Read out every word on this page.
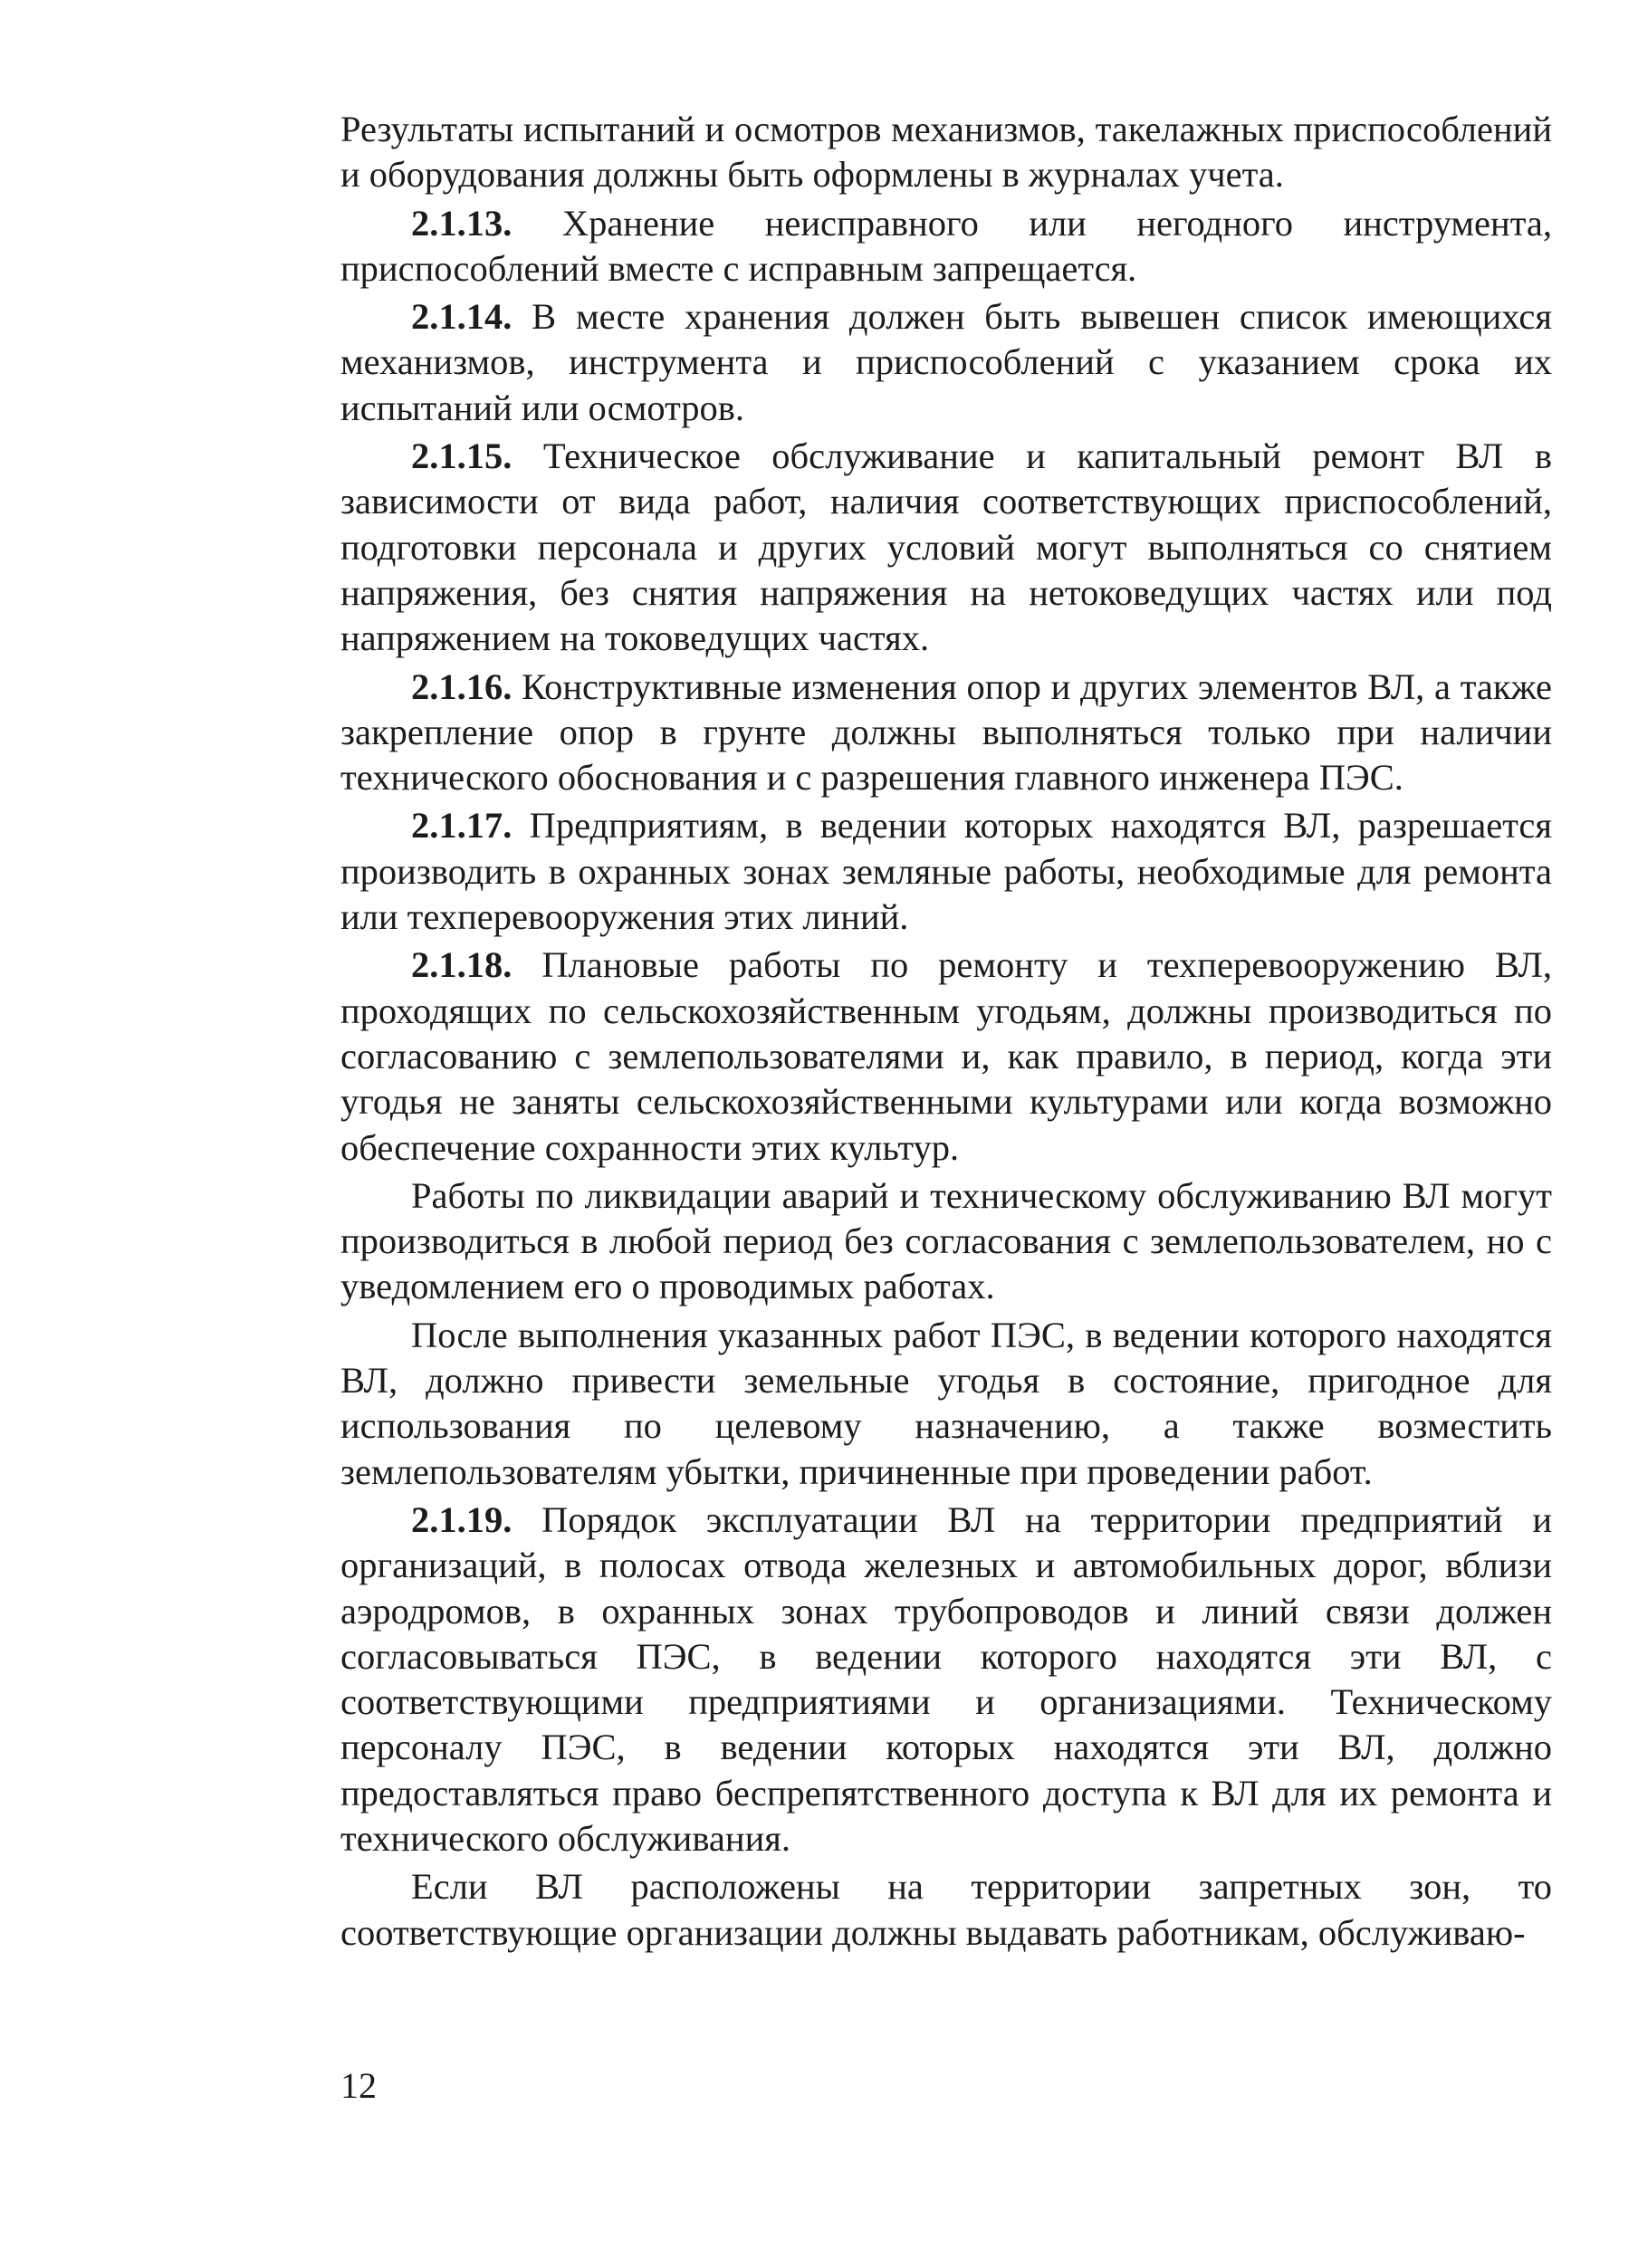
Результаты испытаний и осмотров механизмов, такелажных приспособлений и оборудования должны быть оформлены в журналах учета.

2.1.13. Хранение неисправного или негодного инструмента, приспособлений вместе с исправным запрещается.

2.1.14. В месте хранения должен быть вывешен список имеющихся механизмов, инструмента и приспособлений с указанием срока их испытаний или осмотров.

2.1.15. Техническое обслуживание и капитальный ремонт ВЛ в зависимости от вида работ, наличия соответствующих приспособлений, подготовки персонала и других условий могут выполняться со снятием напряжения, без снятия напряжения на нетоковедущих частях или под напряжением на токоведущих частях.

2.1.16. Конструктивные изменения опор и других элементов ВЛ, а также закрепление опор в грунте должны выполняться только при наличии технического обоснования и с разрешения главного инженера ПЭС.

2.1.17. Предприятиям, в ведении которых находятся ВЛ, разрешается производить в охранных зонах земляные работы, необходимые для ремонта или техперевооружения этих линий.

2.1.18. Плановые работы по ремонту и техперевооружению ВЛ, проходящих по сельскохозяйственным угодьям, должны производиться по согласованию с землепользователями и, как правило, в период, когда эти угодья не заняты сельскохозяйственными культурами или когда возможно обеспечение сохранности этих культур.

Работы по ликвидации аварий и техническому обслуживанию ВЛ могут производиться в любой период без согласования с землепользователем, но с уведомлением его о проводимых работах.

После выполнения указанных работ ПЭС, в ведении которого находятся ВЛ, должно привести земельные угодья в состояние, пригодное для использования по целевому назначению, а также возместить землепользователям убытки, причиненные при проведении работ.

2.1.19. Порядок эксплуатации ВЛ на территории предприятий и организаций, в полосах отвода железных и автомобильных дорог, вблизи аэродромов, в охранных зонах трубопроводов и линий связи должен согласовываться ПЭС, в ведении которого находятся эти ВЛ, с соответствующими предприятиями и организациями. Техническому персоналу ПЭС, в ведении которых находятся эти ВЛ, должно предоставляться право беспрепятственного доступа к ВЛ для их ремонта и технического обслуживания.

Если ВЛ расположены на территории запретных зон, то соответствующие организации должны выдавать работникам, обслуживаю-

12
